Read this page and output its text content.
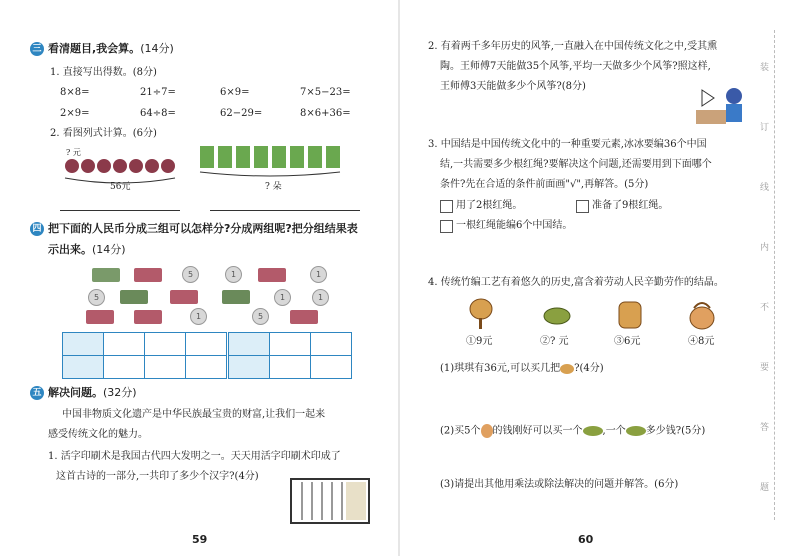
三 看清题目,我会算。(14分)
1. 直接写出得数。(8分)
8×8=	21÷7=	6×9=	7×5−23=
2×9=	64÷8=	62−29=	8×6+36=
2. 看图列式计算。(6分)
? 元
56元	? 朵
四 把下面的人民币分成三组可以怎样分?分成两组呢?把分组结果表
示出来。(14分)
5	1	1
5	1	1
1	5

五 解决问题。(32分)
中国非物质文化遗产是中华民族最宝贵的财富,让我们一起来
感受传统文化的魅力。
1. 活字印刷术是我国古代四大发明之一。天天用活字印刷术印成了
这首古诗的一部分,一共印了多少个汉字?(4分)
59
2. 有着两千多年历史的风筝,一直融入在中国传统文化之中,受其熏
陶。王师傅7天能做35个风筝,平均一天做多少个风筝?照这样,
王师傅3天能做多少个风筝?(8分)
3. 中国结是中国传统文化中的一种重要元素,冰冰要编36个中国
结,一共需要多少根红绳?要解决这个问题,还需要用到下面哪个
条件?先在合适的条件前面画"√",再解答。(5分)
用了2根红绳。	准备了9根红绳。
一根红绳能编6个中国结。
4. 传统竹编工艺有着悠久的历史,富含着劳动人民辛勤劳作的结晶。
①9元	②? 元	③6元	④8元
(1)琪琪有36元,可以买几把 ?(4分)
(2)买5个 的钱刚好可以买一个 ,一个 多少钱?(5分)
(3)请提出其他用乘法或除法解决的问题并解答。(6分)
60
装
订
线
内
不
要
答
题
